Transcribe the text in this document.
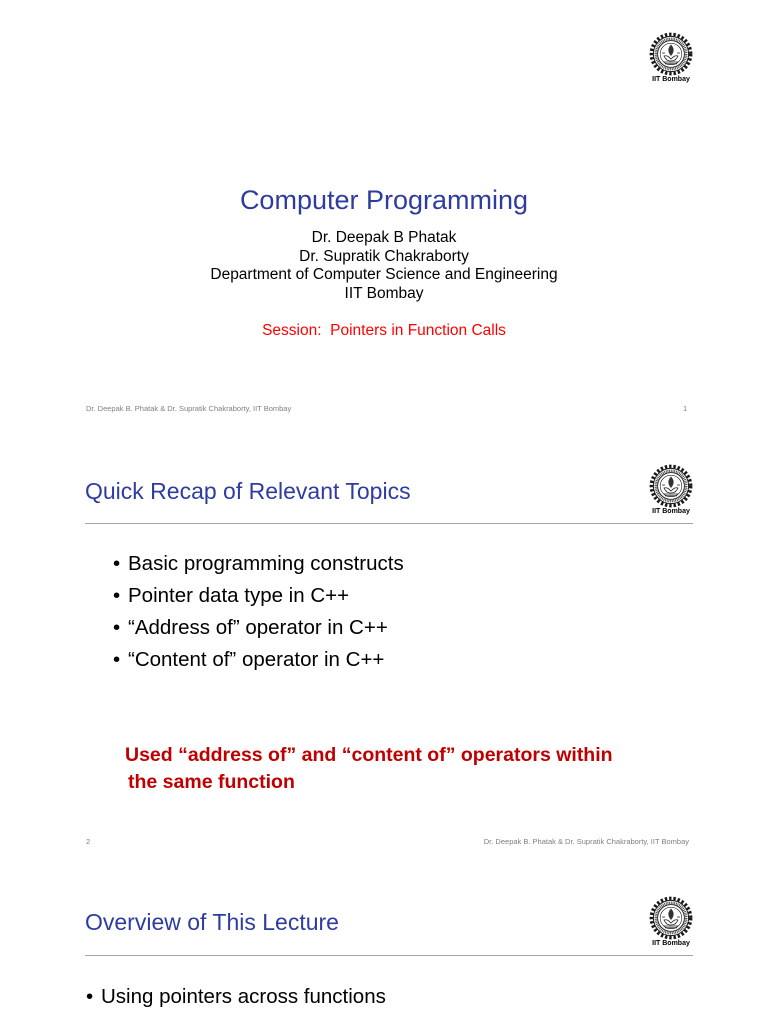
IIT Bombay
Computer Programming
Dr. Deepak B Phatak
Dr. Supratik Chakraborty
Department of Computer Science and Engineering
IIT Bombay
Session:  Pointers in Function Calls
Dr. Deepak B. Phatak & Dr. Supratik Chakraborty, IIT Bombay	1
IIT Bombay
Quick Recap of Relevant Topics
• Basic programming constructs
• Pointer data type in C++
• “Address of” operator in C++
• “Content of” operator in C++
Used “address of” and “content of” operators within
the same function
2	Dr. Deepak B. Phatak & Dr. Supratik Chakraborty, IIT Bombay
IIT Bombay
Overview of This Lecture
• Using pointers across functions
